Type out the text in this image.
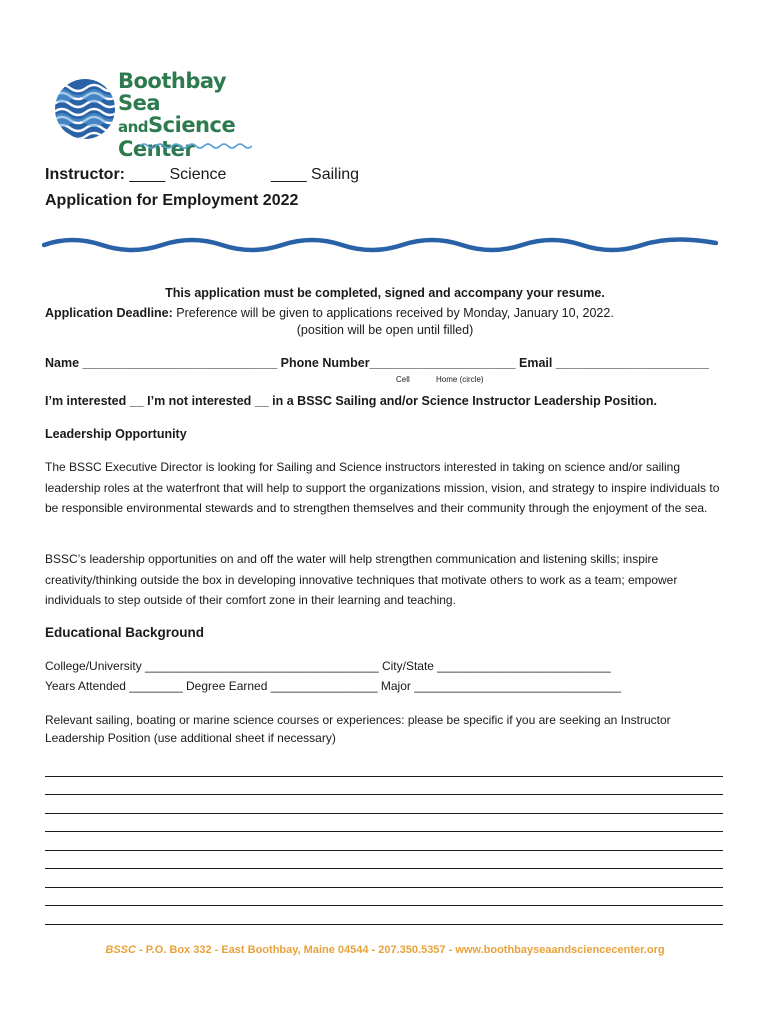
Boothbay
Sea andScience
Center
Instructor: ____ Science	____ Sailing
Application for Employment 2022
This application must be completed, signed and accompany your resume.
Application Deadline: Preference will be given to applications received by Monday, January 10, 2022.
(position will be open until filled)
Name ____________________________ Phone Number_____________________ Email ______________________
Cell	Home (circle)
I’m interested __ I’m not interested __ in a BSSC Sailing and/or Science Instructor Leadership Position.
Leadership Opportunity
The BSSC Executive Director is looking for Sailing and Science instructors interested in taking on science and/or sailing leadership roles at the waterfront that will help to support the organizations mission, vision, and strategy to inspire individuals to be responsible environmental stewards and to strengthen themselves and their community through the enjoyment of the sea.
BSSC’s leadership opportunities on and off the water will help strengthen communication and listening skills; inspire creativity/thinking outside the box in developing innovative techniques that motivate others to work as a team; empower individuals to step outside of their comfort zone in their learning and teaching.
Educational Background
College/University ___________________________________ City/State __________________________
Years Attended ________ Degree Earned ________________ Major _______________________________
Relevant sailing, boating or marine science courses or experiences: please be specific if you are seeking an Instructor Leadership Position (use additional sheet if necessary)
BSSC - P.O. Box 332 - East Boothbay, Maine 04544 - 207.350.5357 - www.boothbayseaandsciencecenter.org
